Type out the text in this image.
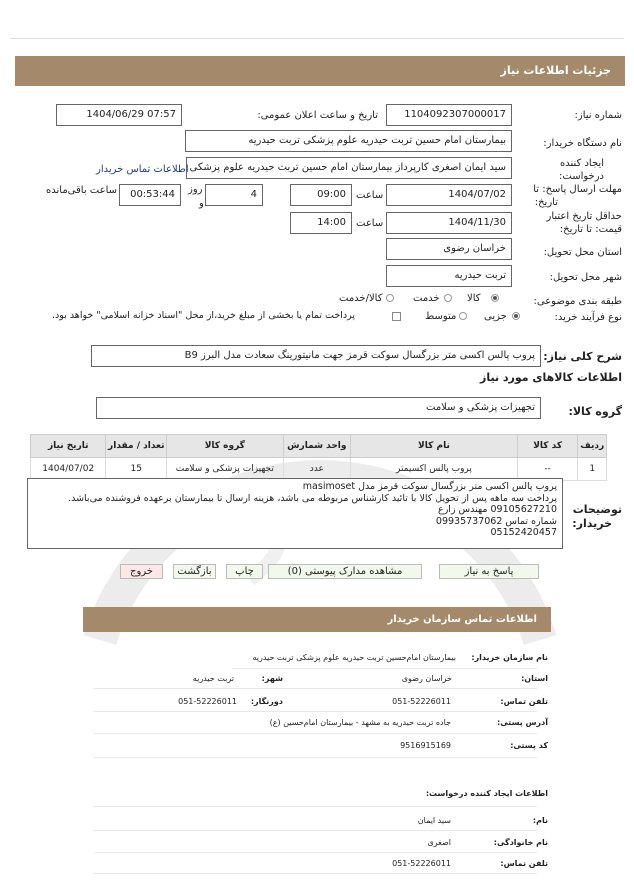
جزئیات اطلاعات نیاز
شماره نیاز:
1104092307000017
تاریخ و ساعت اعلان عمومی:
1404/06/29 07:57
نام دستگاه خریدار:
بیمارستان امام حسین تربت حیدریه علوم پزشکی تربت حیدریه
ایجاد کننده
درخواست:
سید ایمان اصغری کارپرداز بیمارستان امام حسین تربت حیدریه علوم پزشکی
اطلاعات تماس خریدار
مهلت ارسال پاسخ: تا
تاریخ:
1404/07/02
ساعت
09:00
4
روز
و
00:53:44
ساعت باقی‌مانده
حداقل تاریخ اعتبار
قیمت: تا تاریخ:
1404/11/30
ساعت
14:00
استان محل تحویل:
خراسان رضوی
شهر محل تحویل:
تربت حیدریه
طبقه بندی موضوعی:
کالا
خدمت
کالا/خدمت
نوع فرآیند خرید:
جزیی
متوسط
پرداخت تمام یا بخشی از مبلغ خرید،از محل "اسناد خزانه اسلامی" خواهد بود.
شرح کلی نیاز:
پروب پالس اکسی متر بزرگسال سوکت قرمز جهت مانیتورینگ سعادت مدل البرز B9
اطلاعات کالاهای مورد نیاز
گروه کالا:
تجهیزات پزشکی و سلامت
ردیف	کد کالا	نام کالا	واحد شمارش	گروه کالا	تعداد / مقدار	تاریخ نیاز
1	--	پروب پالس اکسیمتر	عدد	تجهیزات پزشکی و سلامت	15	1404/07/02
توضیحات
خریدار:
پروب پالس اکسی متر بزرگسال سوکت قرمز مدل masimoset
پرداخت سه ماهه پس از تحویل کالا با تائید کارشناس مربوطه می باشد، هزینه ارسال تا بیمارستان برعهده فروشنده می‌باشد.
09105627210 مهندس زارع
شماره تماس 09935737062
05152420457
پاسخ به نیاز
مشاهده مدارک پیوستی (0)
چاپ
بازگشت
خروج
اطلاعات تماس سازمان خریدار
نام سازمان خریدار:
بیمارستان امام‌حسین تربت حیدریه علوم پزشکی تربت حیدریه
استان:
خراسان رضوی
شهر:
تربت حیدریه
تلفن تماس:
051-52226011
دورنگار:
051-52226011
آدرس پستی:
جاده تربت حیدریه به مشهد - بیمارستان امام‌حسین (ع)
کد پستی:
9516915169
اطلاعات ایجاد کننده درخواست:
نام:
سید ایمان
نام خانوادگی:
اصغری
تلفن تماس:
051-52226011
